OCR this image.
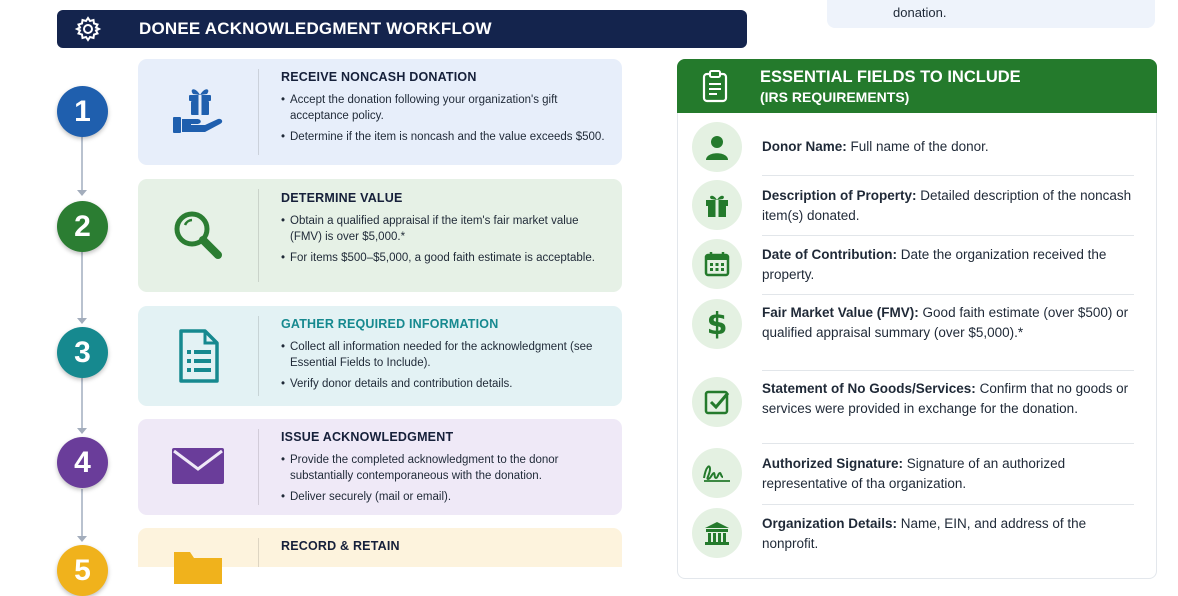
donation.
DONEE ACKNOWLEDGMENT WORKFLOW
1
2
3
4
5
RECEIVE NONCASH DONATION
• Accept the donation following your organization's gift acceptance policy.
• Determine if the item is noncash and the value exceeds $500.
DETERMINE VALUE
• Obtain a qualified appraisal if the item's fair market value (FMV) is over $5,000.*
• For items $500–$5,000, a good faith estimate is acceptable.
GATHER REQUIRED INFORMATION
• Collect all information needed for the acknowledgment (see Essential Fields to Include).
• Verify donor details and contribution details.
ISSUE ACKNOWLEDGMENT
• Provide the completed acknowledgment to the donor substantially contemporaneous with the donation.
• Deliver securely (mail or email).
RECORD & RETAIN
ESSENTIAL FIELDS TO INCLUDE
(IRS REQUIREMENTS)
Donor Name: Full name of the donor.
Description of Property: Detailed description of the noncash item(s) donated.
Date of Contribution: Date the organization received the property.
$	Fair Market Value (FMV): Good faith estimate (over $500) or qualified appraisal summary (over $5,000).*
Statement of No Goods/Services: Confirm that no goods or services were provided in exchange for the donation.
Authorized Signature: Signature of an authorized representative of tha organization.
Organization Details: Name, EIN, and address of the nonprofit.
